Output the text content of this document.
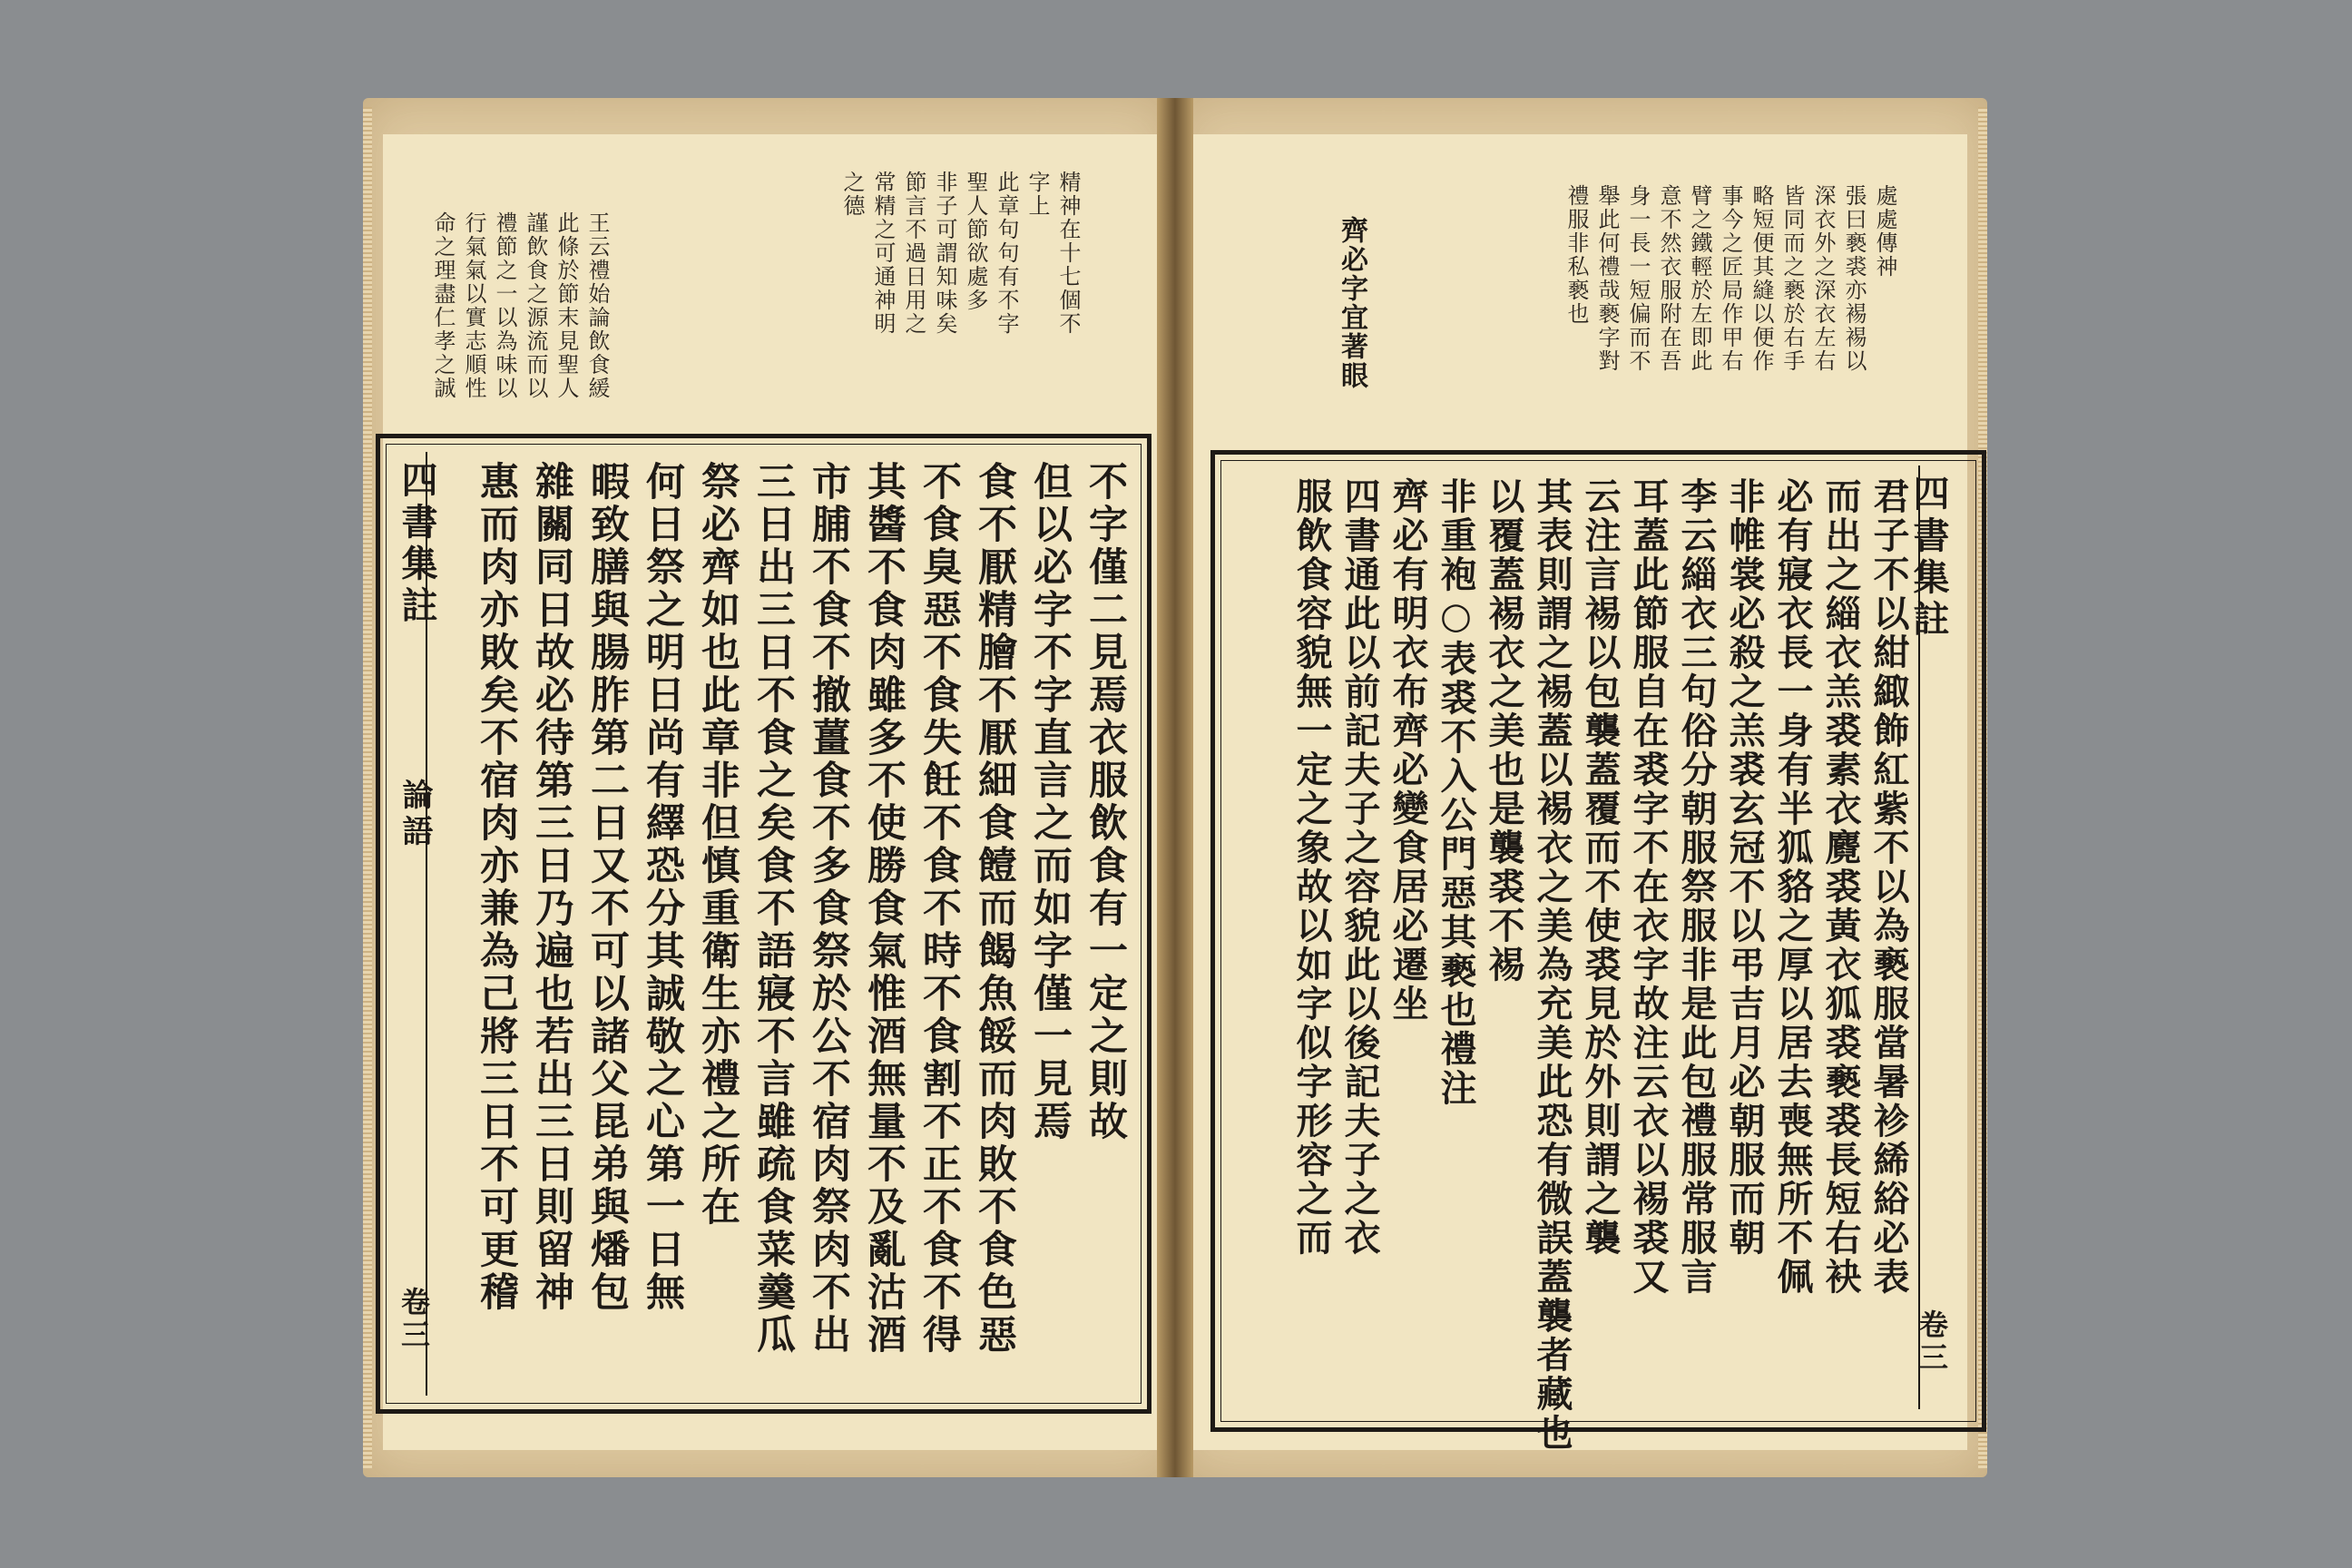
精神在十七個不
字上
此章句句有不字
聖人節欲處多
非子可謂知味矣
節言不過日用之
常精之可通神明
之德
王云禮始論飲食緩
此條於節末見聖人
謹飲食之源流而以
禮節之一以為味以
行氣氣以實志順性
命之理盡仁孝之誠
四書集註
論語
卷三
不字僅二見焉衣服飲食有一定之則故
但以必字不字直言之而如字僅一見焉
食不厭精膾不厭細食饐而餲魚餒而肉敗不食色惡
不食臭惡不食失飪不食不時不食割不正不食不得
其醬不食肉雖多不使勝食氣惟酒無量不及亂沽酒
市脯不食不撤薑食不多食祭於公不宿肉祭肉不出
三日出三日不食之矣食不語寢不言雖疏食菜羹瓜
祭必齊如也此章非但慎重衛生亦禮之所在
何日祭之明日尚有繹恐分其誠敬之心第一日無
暇致膳與腸胙第二日又不可以諸父昆弟與燔包
雜關同日故必待第三日乃遍也若出三日則留神
惠而肉亦敗矣不宿肉亦兼為己將三日不可更稽
處處傳神
張曰褻裘亦裼裼以
深衣外之深衣左右
皆同而之褻於右手
略短便其縫以便作
事今之匠局作甲右
臂之鐵輕於左即此
意不然衣服附在吾
身一長一短偏而不
舉此何禮哉褻字對
禮服非私褻也
齊必字宜著眼
四書集註
卷三
君子不以紺緅飾紅紫不以為褻服當暑袗絺綌必表
而出之緇衣羔裘素衣麑裘黃衣狐裘褻裘長短右袂
必有寢衣長一身有半狐貉之厚以居去喪無所不佩
非帷裳必殺之羔裘玄冠不以弔吉月必朝服而朝
李云緇衣三句俗分朝服祭服非是此包禮服常服言
耳蓋此節服自在裘字不在衣字故注云衣以裼裘又
云注言裼以包襲蓋覆而不使裘見於外則謂之襲
其表則謂之裼蓋以裼衣之美為充美此恐有微誤蓋襲者藏也
以覆蓋裼衣之美也是襲裘不裼
非重袍○表裘不入公門惡其褻也禮注
齊必有明衣布齊必變食居必遷坐
四書通此以前記夫子之容貌此以後記夫子之衣
服飲食容貌無一定之象故以如字似字形容之而
